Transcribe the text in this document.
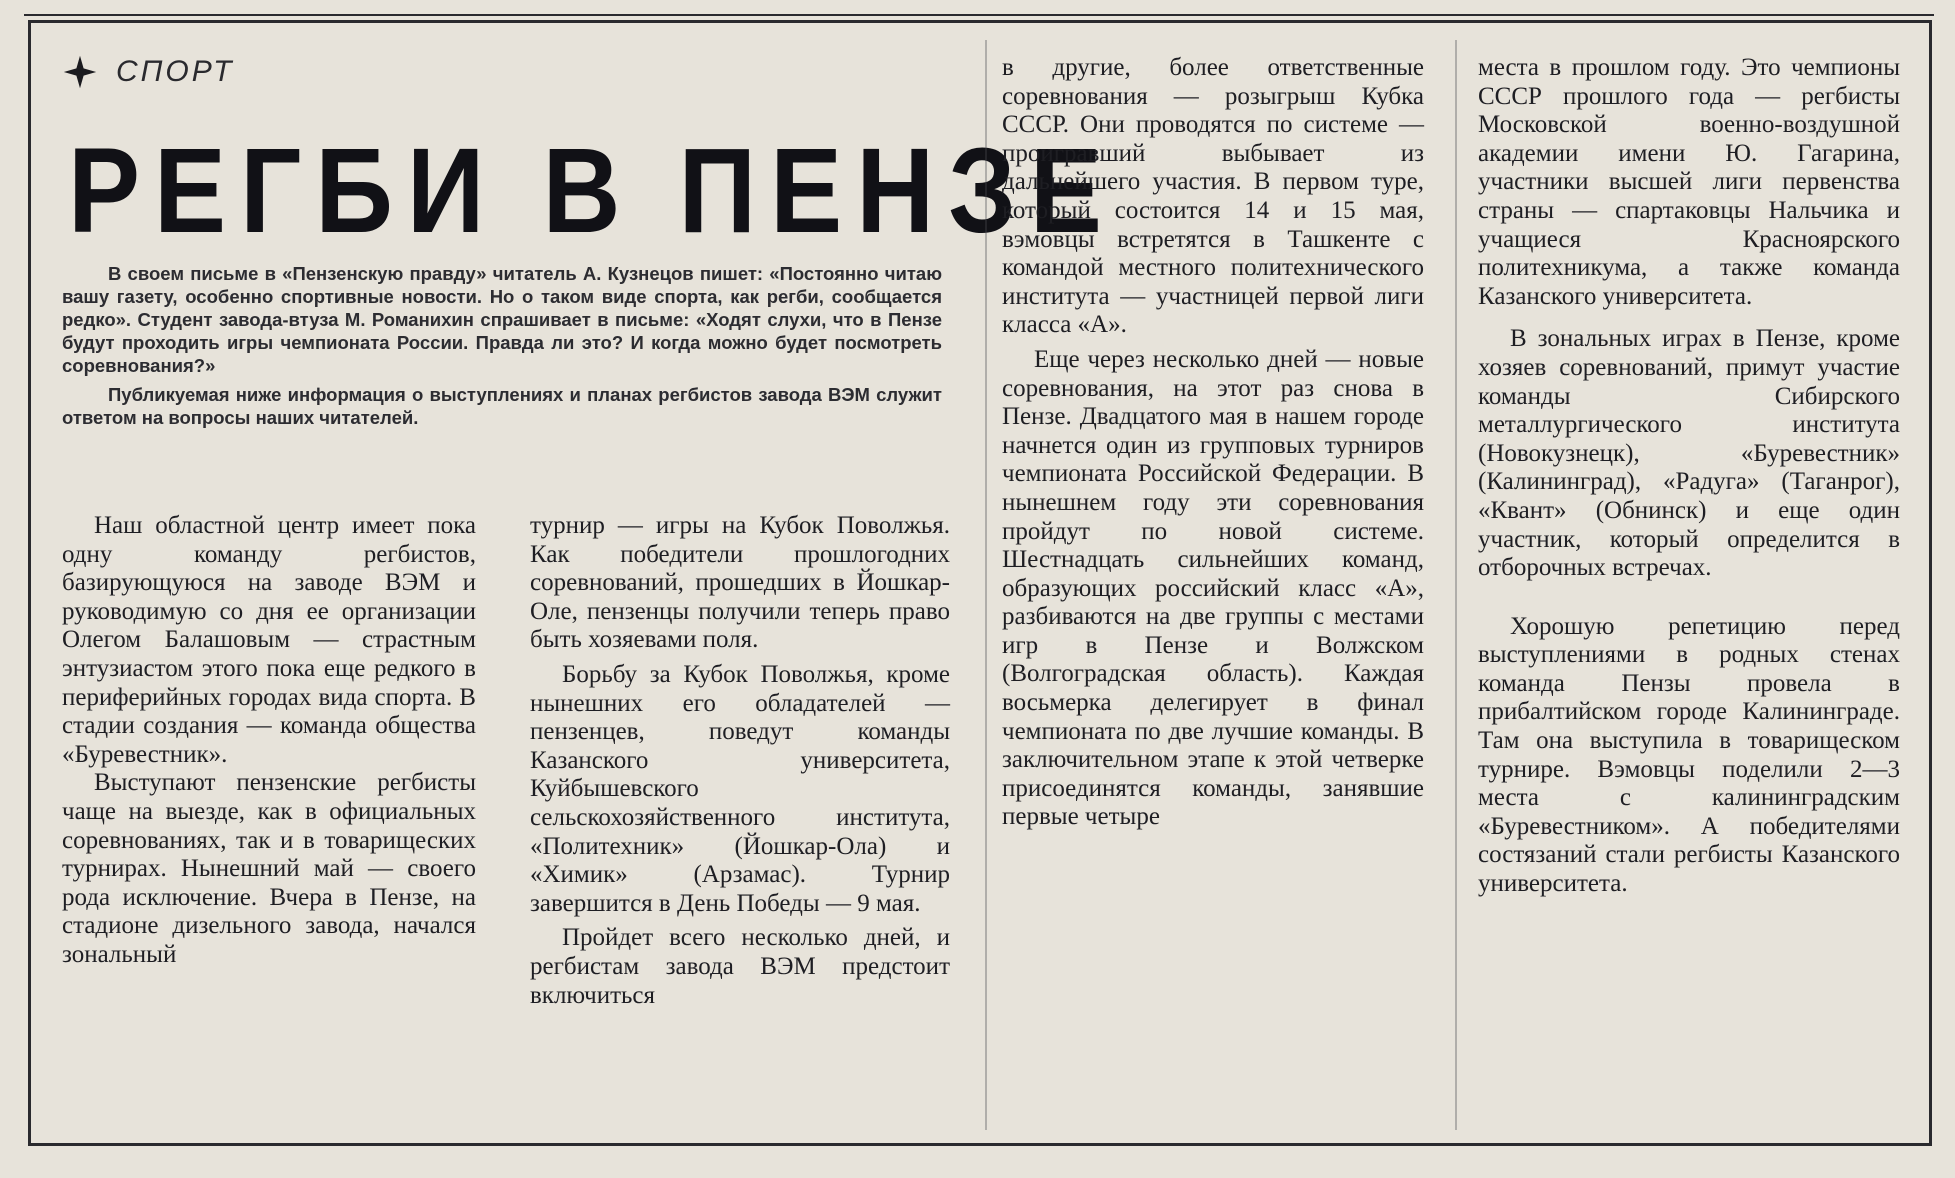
СПОРТ
РЕГБИ В ПЕНЗЕ

В своем письме в «Пензенскую правду» читатель А. Кузнецов пишет: «Постоянно читаю вашу газету, особенно спортивные новости. Но о таком виде спорта, как регби, сообщается редко». Студент завода-втуза М. Романихин спрашивает в письме: «Ходят слухи, что в Пензе будут проходить игры чемпионата России. Правда ли это? И когда можно будет посмотреть соревнования?»

Публикуемая ниже информация о выступлениях и планах регбистов завода ВЭМ служит ответом на вопросы наших читателей.

Наш областной центр имеет пока одну команду регбистов, базирующуюся на заводе ВЭМ и руководимую со дня ее организации Олегом Балашовым — страстным энтузиастом этого пока еще редкого в периферийных городах вида спорта. В стадии создания — команда общества «Буревестник».

Выступают пензенские регбисты чаще на выезде, как в официальных соревнованиях, так и в товарищеских турнирах. Нынешний май — своего рода исключение. Вчера в Пензе, на стадионе дизельного завода, начался зональный

турнир — игры на Кубок Поволжья. Как победители прошлогодних соревнований, прошедших в Йошкар-Оле, пензенцы получили теперь право быть хозяевами поля.

Борьбу за Кубок Поволжья, кроме нынешних его обладателей — пензенцев, поведут команды Казанского университета, Куйбышевского сельскохозяйственного института, «Политехник» (Йошкар-Ола) и «Химик» (Арзамас). Турнир завершится в День Победы — 9 мая.

Пройдет всего несколько дней, и регбистам завода ВЭМ предстоит включиться

в другие, более ответственные соревнования — розыгрыш Кубка СССР. Они проводятся по системе — проигравший выбывает из дальнейшего участия. В первом туре, который состоится 14 и 15 мая, вэмовцы встретятся в Ташкенте с командой местного политехнического института — участницей первой лиги класса «А».

Еще через несколько дней — новые соревнования, на этот раз снова в Пензе. Двадцатого мая в нашем городе начнется один из групповых турниров чемпионата Российской Федерации. В нынешнем году эти соревнования пройдут по новой системе. Шестнадцать сильнейших команд, образующих российский класс «А», разбиваются на две группы с местами игр в Пензе и Волжском (Волгоградская область). Каждая восьмерка делегирует в финал чемпионата по две лучшие команды. В заключительном этапе к этой четверке присоединятся команды, занявшие первые четыре

места в прошлом году. Это чемпионы СССР прошлого года — регбисты Московской военно-воздушной академии имени Ю. Гагарина, участники высшей лиги первенства страны — спартаковцы Нальчика и учащиеся Красноярского политехникума, а также команда Казанского университета.

В зональных играх в Пензе, кроме хозяев соревнований, примут участие команды Сибирского металлургического института (Новокузнецк), «Буревестник» (Калининград), «Радуга» (Таганрог), «Квант» (Обнинск) и еще один участник, который определится в отборочных встречах.

Хорошую репетицию перед выступлениями в родных стенах команда Пензы провела в прибалтийском городе Калининграде. Там она выступила в товарищеском турнире. Вэмовцы поделили 2—3 места с калининградским «Буревестником». А победителями состязаний стали регбисты Казанского университета.
